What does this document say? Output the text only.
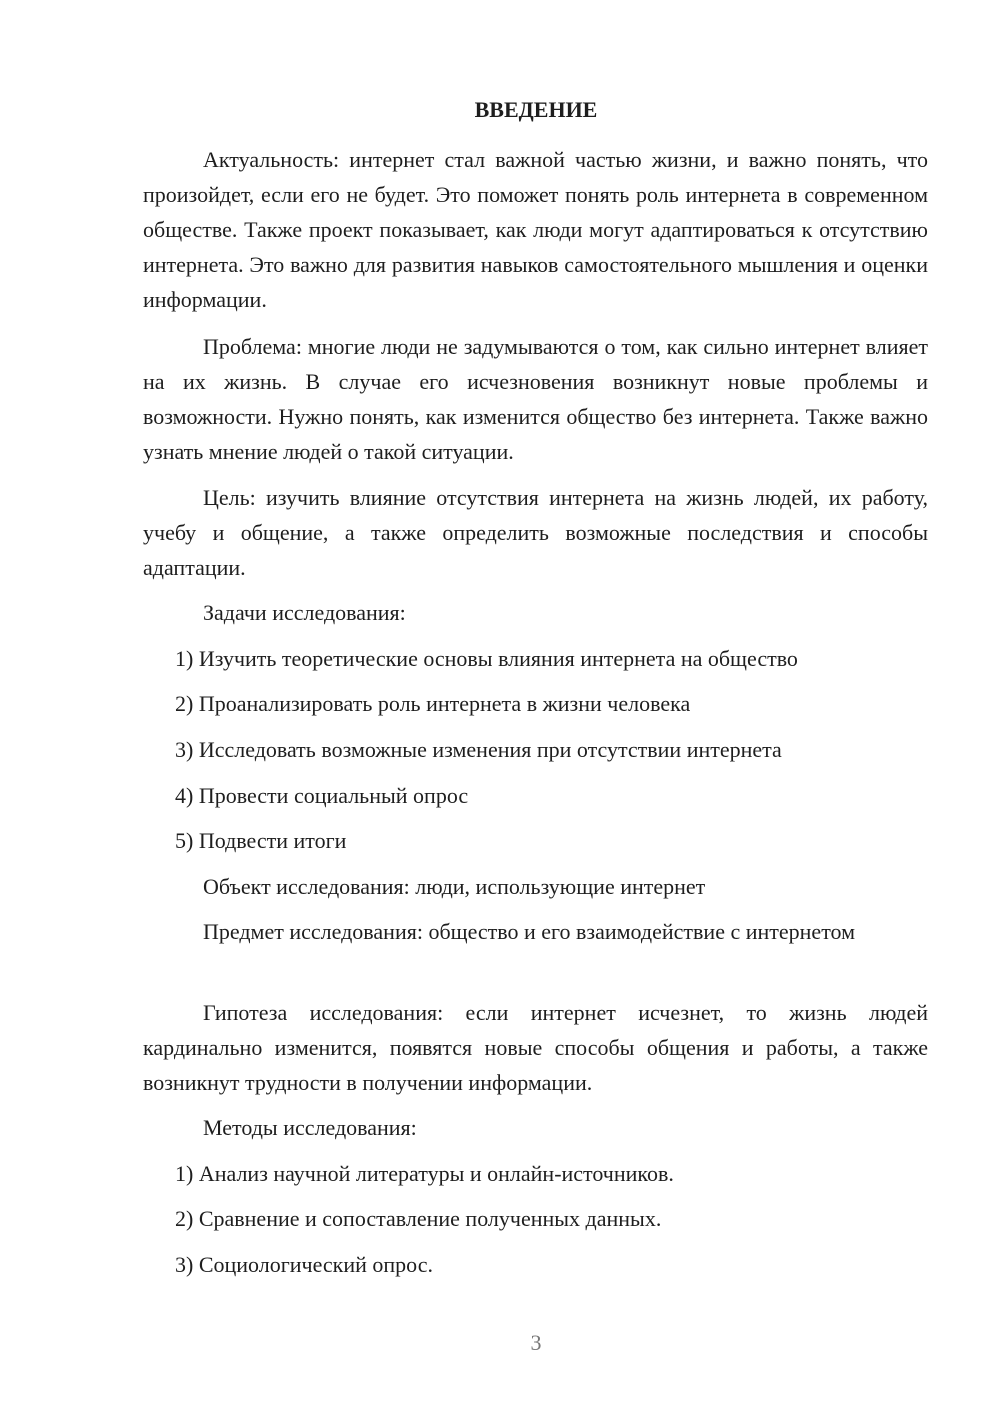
ВВЕДЕНИЕ

Актуальность: интернет стал важной частью жизни, и важно понять, что произойдет, если его не будет. Это поможет понять роль интернета в современном обществе. Также проект показывает, как люди могут адаптироваться к отсутствию интернета. Это важно для развития навыков самостоятельного мышления и оценки информации.

Проблема: многие люди не задумываются о том, как сильно интернет влияет на их жизнь. В случае его исчезновения возникнут новые проблемы и возможности. Нужно понять, как изменится общество без интернета. Также важно узнать мнение людей о такой ситуации.

Цель: изучить влияние отсутствия интернета на жизнь людей, их работу, учебу и общение, а также определить возможные последствия и способы адаптации.

Задачи исследования:

1) Изучить теоретические основы влияния интернета на общество

2) Проанализировать роль интернета в жизни человека

3) Исследовать возможные изменения при отсутствии интернета

4) Провести социальный опрос

5) Подвести итоги

Объект исследования: люди, использующие интернет

Предмет исследования: общество и его взаимодействие с интернетом

Гипотеза исследования: если интернет исчезнет, то жизнь людей кардинально изменится, появятся новые способы общения и работы, а также возникнут трудности в получении информации.

Методы исследования:

1) Анализ научной литературы и онлайн-источников.

2) Сравнение и сопоставление полученных данных.

3) Социологический опрос.

3
